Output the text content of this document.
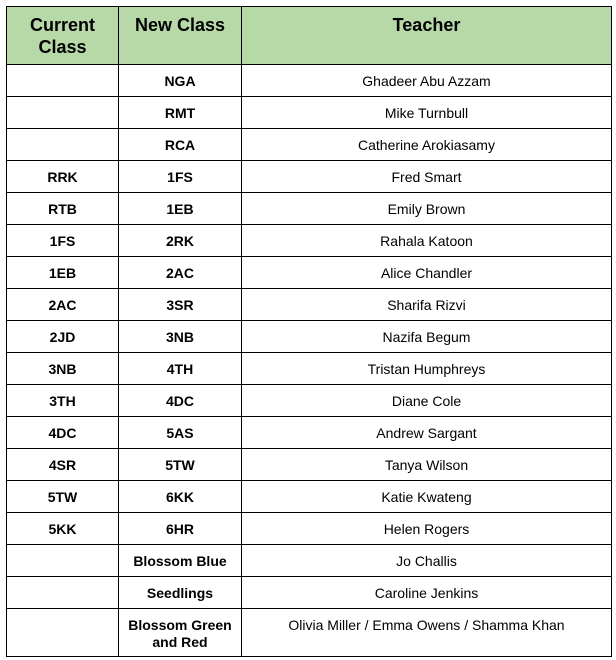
Current Class	New Class	Teacher
	NGA	Ghadeer Abu Azzam
	RMT	Mike Turnbull
	RCA	Catherine Arokiasamy
RRK	1FS	Fred Smart
RTB	1EB	Emily Brown
1FS	2RK	Rahala Katoon
1EB	2AC	Alice Chandler
2AC	3SR	Sharifa Rizvi
2JD	3NB	Nazifa Begum
3NB	4TH	Tristan Humphreys
3TH	4DC	Diane Cole
4DC	5AS	Andrew Sargant
4SR	5TW	Tanya Wilson
5TW	6KK	Katie Kwateng
5KK	6HR	Helen Rogers
	Blossom Blue	Jo Challis
	Seedlings	Caroline Jenkins
	Blossom Green and Red	Olivia Miller / Emma Owens / Shamma Khan
